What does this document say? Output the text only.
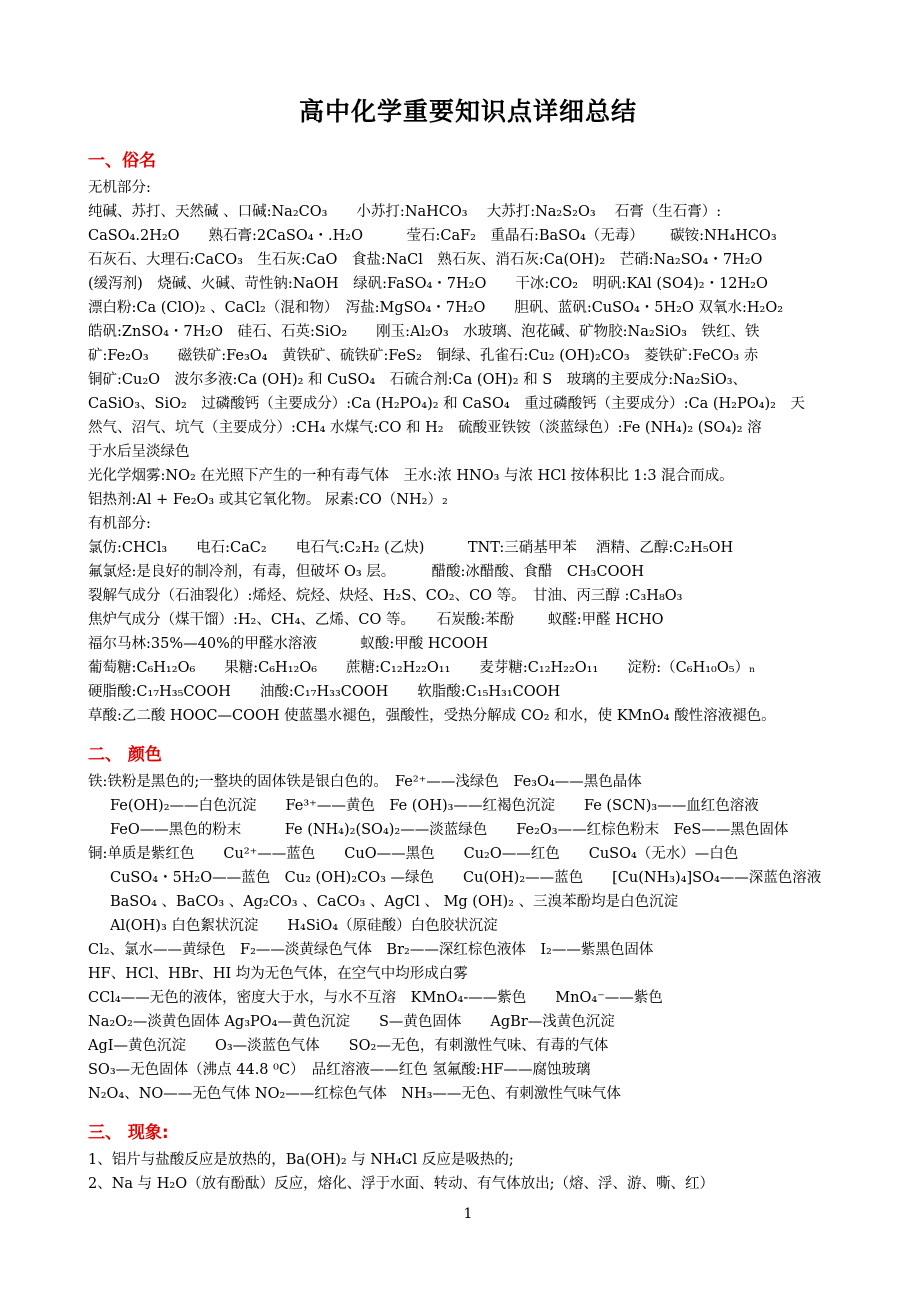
高中化学重要知识点详细总结
一、俗名

无机部分:

纯碱、苏打、天然碱 、口碱:Na₂CO₃　　小苏打:NaHCO₃　 大苏打:Na₂S₂O₃　 石膏（生石膏）:

CaSO₄.2H₂O　　熟石膏:2CaSO₄・.H₂O　　　莹石:CaF₂　重晶石:BaSO₄（无毒）　　 碳铵:NH₄HCO₃

石灰石、大理石:CaCO₃　生石灰:CaO　食盐:NaCl　熟石灰、消石灰:Ca(OH)₂　芒硝:Na₂SO₄・7H₂O

(缓泻剂)　烧碱、火碱、苛性钠:NaOH　绿矾:FaSO₄・7H₂O　　干冰:CO₂　明矾:KAl (SO4)₂・12H₂O

漂白粉:Ca (ClO)₂ 、CaCl₂（混和物）　泻盐:MgSO₄・7H₂O　　胆矾、蓝矾:CuSO₄・5H₂O 双氧水:H₂O₂

皓矾:ZnSO₄・7H₂O　硅石、石英:SiO₂　　刚玉:Al₂O₃　水玻璃、泡花碱、矿物胶:Na₂SiO₃　铁红、铁

矿:Fe₂O₃　　磁铁矿:Fe₃O₄　黄铁矿、硫铁矿:FeS₂　铜绿、孔雀石:Cu₂ (OH)₂CO₃　菱铁矿:FeCO₃ 赤

铜矿:Cu₂O　波尔多液:Ca (OH)₂ 和 CuSO₄　石硫合剂:Ca (OH)₂ 和 S　玻璃的主要成分:Na₂SiO₃、

CaSiO₃、SiO₂　过磷酸钙（主要成分）:Ca (H₂PO₄)₂ 和 CaSO₄　重过磷酸钙（主要成分）:Ca (H₂PO₄)₂　天

然气、沼气、坑气（主要成分）:CH₄ 水煤气:CO 和 H₂　硫酸亚铁铵（淡蓝绿色）:Fe (NH₄)₂ (SO₄)₂ 溶

于水后呈淡绿色

光化学烟雾:NO₂ 在光照下产生的一种有毒气体　王水:浓 HNO₃ 与浓 HCl 按体积比 1:3 混合而成。

铝热剂:Al + Fe₂O₃ 或其它氧化物。 尿素:CO（NH₂）₂

有机部分:

氯仿:CHCl₃　　电石:CaC₂　　电石气:C₂H₂ (乙炔)　　　TNT:三硝基甲苯　 酒精、乙醇:C₂H₅OH

氟氯烃:是良好的制冷剂，有毒，但破坏 O₃ 层。　　　醋酸:冰醋酸、食醋　CH₃COOH

裂解气成分（石油裂化）:烯烃、烷烃、炔烃、H₂S、CO₂、CO 等。　甘油、丙三醇 :C₃H₈O₃

焦炉气成分（煤干馏）:H₂、CH₄、乙烯、CO 等。　　石炭酸:苯酚　　 蚁醛:甲醛 HCHO

福尔马林:35%—40%的甲醛水溶液　　　蚁酸:甲酸 HCOOH

葡萄糖:C₆H₁₂O₆　　果糖:C₆H₁₂O₆　　蔗糖:C₁₂H₂₂O₁₁　　麦芽糖:C₁₂H₂₂O₁₁　　淀粉:（C₆H₁₀O₅）ₙ

硬脂酸:C₁₇H₃₅COOH　　油酸:C₁₇H₃₃COOH　　软脂酸:C₁₅H₃₁COOH

草酸:乙二酸 HOOC—COOH 使蓝墨水褪色，强酸性，受热分解成 CO₂ 和水，使 KMnO₄ 酸性溶液褪色。

二、 颜色

铁:铁粉是黑色的;一整块的固体铁是银白色的。　Fe²⁺——浅绿色　Fe₃O₄——黑色晶体

Fe(OH)₂——白色沉淀　　Fe³⁺——黄色　Fe (OH)₃——红褐色沉淀　　Fe (SCN)₃——血红色溶液

FeO——黑色的粉末　　　Fe (NH₄)₂(SO₄)₂——淡蓝绿色　　Fe₂O₃——红棕色粉末　FeS——黑色固体

铜:单质是紫红色　　Cu²⁺——蓝色　　CuO——黑色　　Cu₂O——红色　　CuSO₄（无水）—白色

CuSO₄・5H₂O——蓝色　Cu₂ (OH)₂CO₃ —绿色　　Cu(OH)₂——蓝色　　[Cu(NH₃)₄]SO₄——深蓝色溶液

BaSO₄ 、BaCO₃ 、Ag₂CO₃ 、CaCO₃ 、AgCl 、 Mg (OH)₂ 、三溴苯酚均是白色沉淀

Al(OH)₃ 白色絮状沉淀　　H₄SiO₄（原硅酸）白色胶状沉淀

Cl₂、氯水——黄绿色　F₂——淡黄绿色气体　Br₂——深红棕色液体　I₂——紫黑色固体

HF、HCl、HBr、HI 均为无色气体，在空气中均形成白雾

CCl₄——无色的液体，密度大于水，与水不互溶　KMnO₄-——紫色　　MnO₄⁻——紫色

Na₂O₂—淡黄色固体 Ag₃PO₄—黄色沉淀　　S—黄色固体　　AgBr—浅黄色沉淀

AgI—黄色沉淀　　O₃—淡蓝色气体　　SO₂—无色，有刺激性气味、有毒的气体

SO₃—无色固体（沸点 44.8 ⁰C）　品红溶液——红色 氢氟酸:HF——腐蚀玻璃

N₂O₄、NO——无色气体 NO₂——红棕色气体　NH₃——无色、有刺激性气味气体

三、 现象:

1、铝片与盐酸反应是放热的，Ba(OH)₂ 与 NH₄Cl 反应是吸热的;

2、Na 与 H₂O（放有酚酞）反应，熔化、浮于水面、转动、有气体放出;（熔、浮、游、嘶、红）

1
